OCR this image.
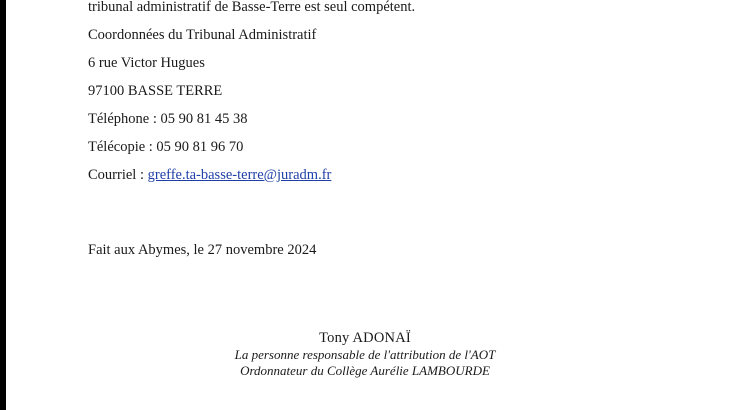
tribunal administratif de Basse-Terre est seul compétent.
Coordonnées du Tribunal Administratif
6 rue Victor Hugues
97100 BASSE TERRE
Téléphone : 05 90 81 45 38
Télécopie : 05 90 81 96 70
Courriel : greffe.ta-basse-terre@juradm.fr
Fait aux Abymes, le 27 novembre 2024
Tony ADONAÏ
La personne responsable de l'attribution de l'AOT
Ordonnateur du Collège Aurélie LAMBOURDE
